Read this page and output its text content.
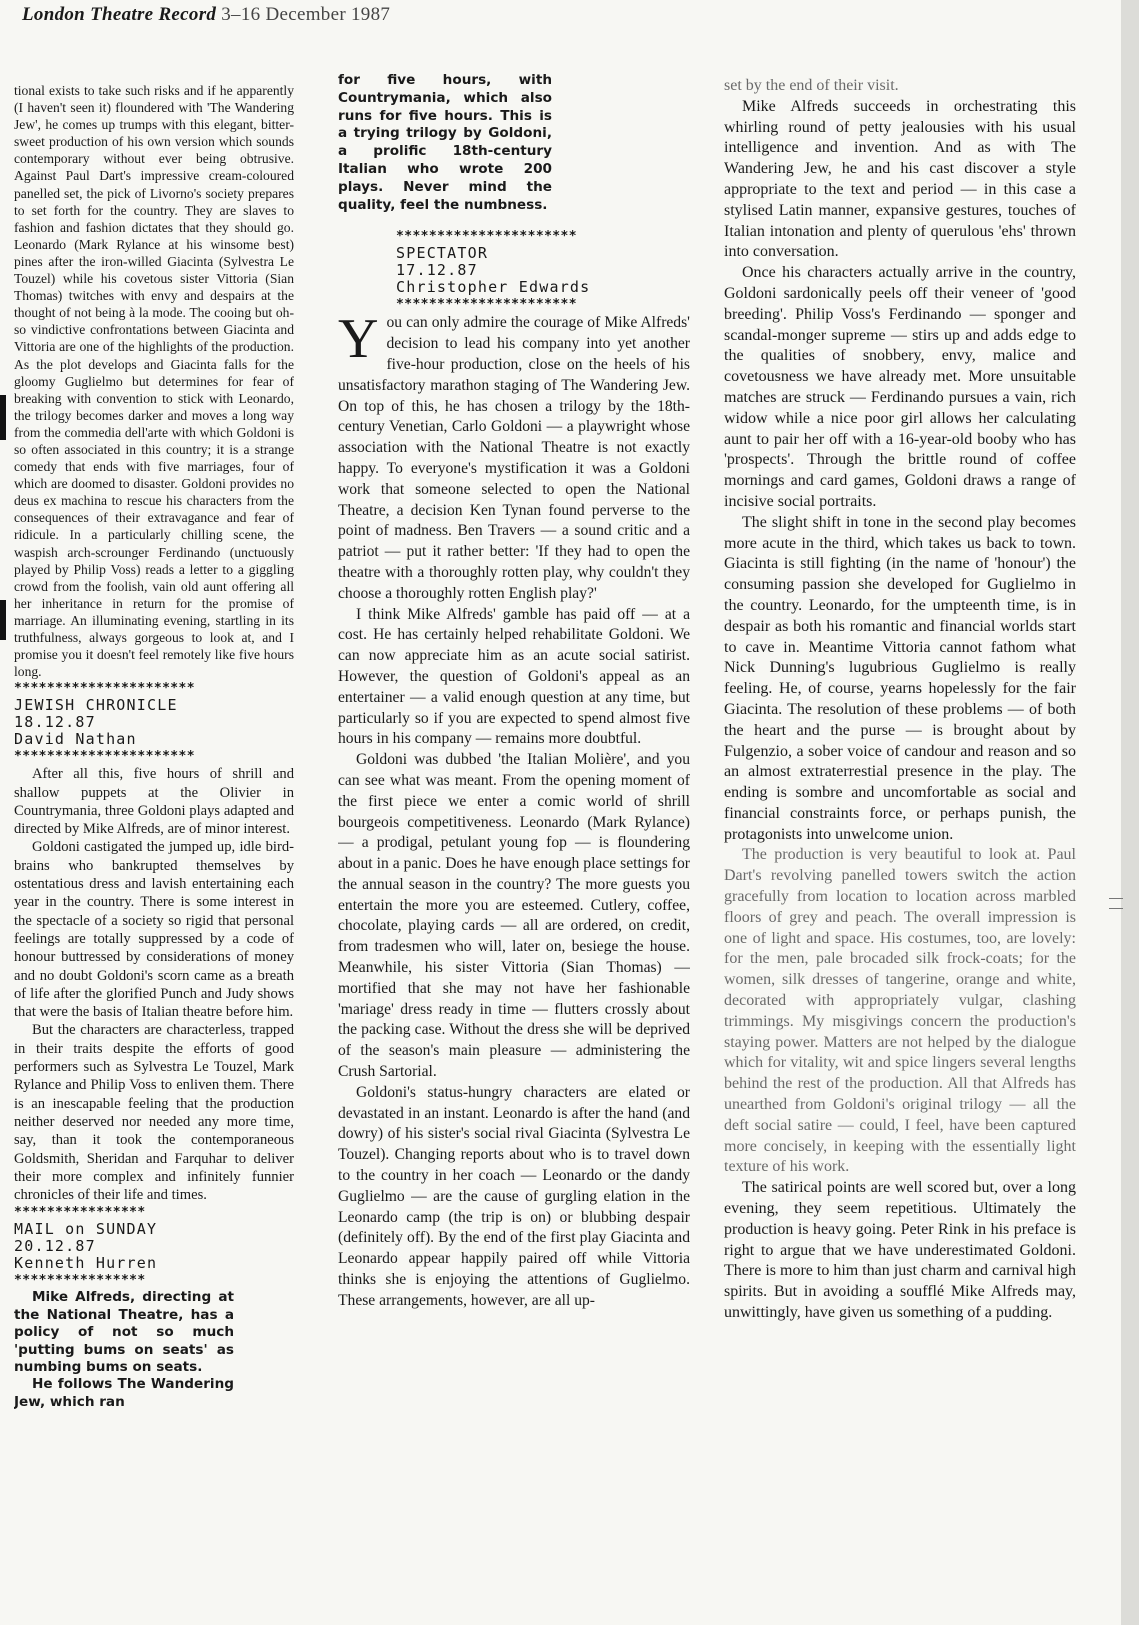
London Theatre Record 3–16 December 1987

tional exists to take such risks and if he apparently (I haven't seen it) floundered with 'The Wandering Jew', he comes up trumps with this elegant, bitter-sweet production of his own version which sounds contemporary without ever being obtrusive. Against Paul Dart's impressive cream-coloured panelled set, the pick of Livorno's society prepares to set forth for the country. They are slaves to fashion and fashion dictates that they should go. Leonardo (Mark Rylance at his winsome best) pines after the iron-willed Giacinta (Sylvestra Le Touzel) while his covetous sister Vittoria (Sian Thomas) twitches with envy and despairs at the thought of not being à la mode. The cooing but oh-so vindictive confrontations between Giacinta and Vittoria are one of the highlights of the production. As the plot develops and Giacinta falls for the gloomy Guglielmo but determines for fear of breaking with convention to stick with Leonardo, the trilogy becomes darker and moves a long way from the commedia dell'arte with which Goldoni is so often associated in this country; it is a strange comedy that ends with five marriages, four of which are doomed to disaster. Goldoni provides no deus ex machina to rescue his characters from the consequences of their extravagance and fear of ridicule. In a particularly chilling scene, the waspish arch-scrounger Ferdinando (unctuously played by Philip Voss) reads a letter to a giggling crowd from the foolish, vain old aunt offering all her inheritance in return for the promise of marriage. An illuminating evening, startling in its truthfulness, always gorgeous to look at, and I promise you it doesn't feel remotely like five hours long.

**********************
JEWISH CHRONICLE
18.12.87
David Nathan
**********************

After all this, five hours of shrill and shallow puppets at the Olivier in Countrymania, three Goldoni plays adapted and directed by Mike Alfreds, are of minor interest.

Goldoni castigated the jumped up, idle bird-brains who bankrupted themselves by ostentatious dress and lavish entertaining each year in the country. There is some interest in the spectacle of a society so rigid that personal feelings are totally suppressed by a code of honour buttressed by considerations of money and no doubt Goldoni's scorn came as a breath of life after the glorified Punch and Judy shows that were the basis of Italian theatre before him.

But the characters are characterless, trapped in their traits despite the efforts of good performers such as Sylvestra Le Touzel, Mark Rylance and Philip Voss to enliven them. There is an inescapable feeling that the production neither deserved nor needed any more time, say, than it took the contemporaneous Goldsmith, Sheridan and Farquhar to deliver their more complex and infinitely funnier chronicles of their life and times.

****************
MAIL on SUNDAY
20.12.87
Kenneth Hurren
****************

Mike Alfreds, directing at the National Theatre, has a policy of not so much 'putting bums on seats' as numbing bums on seats.

He follows The Wandering Jew, which ran

for five hours, with Countrymania, which also runs for five hours. This is a trying trilogy by Goldoni, a prolific 18th-century Italian who wrote 200 plays. Never mind the quality, feel the numbness.

**********************
SPECTATOR
17.12.87
Christopher Edwards
**********************
You can only admire the courage of Mike Alfreds' decision to lead his company into yet another five-hour production, close on the heels of his unsatisfactory marathon staging of The Wandering Jew. On top of this, he has chosen a trilogy by the 18th-century Venetian, Carlo Goldoni — a playwright whose association with the National Theatre is not exactly happy. To everyone's mystification it was a Goldoni work that someone selected to open the National Theatre, a decision Ken Tynan found perverse to the point of madness. Ben Travers — a sound critic and a patriot — put it rather better: 'If they had to open the theatre with a thoroughly rotten play, why couldn't they choose a thoroughly rotten English play?'

I think Mike Alfreds' gamble has paid off — at a cost. He has certainly helped rehabilitate Goldoni. We can now appreciate him as an acute social satirist. However, the question of Goldoni's appeal as an entertainer — a valid enough question at any time, but particularly so if you are expected to spend almost five hours in his company — remains more doubtful.

Goldoni was dubbed 'the Italian Molière', and you can see what was meant. From the opening moment of the first piece we enter a comic world of shrill bourgeois competitiveness. Leonardo (Mark Rylance) — a prodigal, petulant young fop — is floundering about in a panic. Does he have enough place settings for the annual season in the country? The more guests you entertain the more you are esteemed. Cutlery, coffee, chocolate, playing cards — all are ordered, on credit, from tradesmen who will, later on, besiege the house. Meanwhile, his sister Vittoria (Sian Thomas) — mortified that she may not have her fashionable 'mariage' dress ready in time — flutters crossly about the packing case. Without the dress she will be deprived of the season's main pleasure — administering the Crush Sartorial.

Goldoni's status-hungry characters are elated or devastated in an instant. Leonardo is after the hand (and dowry) of his sister's social rival Giacinta (Sylvestra Le Touzel). Changing reports about who is to travel down to the country in her coach — Leonardo or the dandy Guglielmo — are the cause of gurgling elation in the Leonardo camp (the trip is on) or blubbing despair (definitely off). By the end of the first play Giacinta and Leonardo appear happily paired off while Vittoria thinks she is enjoying the attentions of Guglielmo. These arrangements, however, are all up-

set by the end of their visit.

Mike Alfreds succeeds in orchestrating this whirling round of petty jealousies with his usual intelligence and invention. And as with The Wandering Jew, he and his cast discover a style appropriate to the text and period — in this case a stylised Latin manner, expansive gestures, touches of Italian intonation and plenty of querulous 'ehs' thrown into conversation.

Once his characters actually arrive in the country, Goldoni sardonically peels off their veneer of 'good breeding'. Philip Voss's Ferdinando — sponger and scandal-monger supreme — stirs up and adds edge to the qualities of snobbery, envy, malice and covetousness we have already met. More unsuitable matches are struck — Ferdinando pursues a vain, rich widow while a nice poor girl allows her calculating aunt to pair her off with a 16-year-old booby who has 'prospects'. Through the brittle round of coffee mornings and card games, Goldoni draws a range of incisive social portraits.

The slight shift in tone in the second play becomes more acute in the third, which takes us back to town. Giacinta is still fighting (in the name of 'honour') the consuming passion she developed for Guglielmo in the country. Leonardo, for the umpteenth time, is in despair as both his romantic and financial worlds start to cave in. Meantime Vittoria cannot fathom what Nick Dunning's lugubrious Guglielmo is really feeling. He, of course, yearns hopelessly for the fair Giacinta. The resolution of these problems — of both the heart and the purse — is brought about by Fulgenzio, a sober voice of candour and reason and so an almost extraterrestial presence in the play. The ending is sombre and uncomfortable as social and financial constraints force, or perhaps punish, the protagonists into unwelcome union.

The production is very beautiful to look at. Paul Dart's revolving panelled towers switch the action gracefully from location to location across marbled floors of grey and peach. The overall impression is one of light and space. His costumes, too, are lovely: for the men, pale brocaded silk frock-coats; for the women, silk dresses of tangerine, orange and white, decorated with appropriately vulgar, clashing trimmings. My misgivings concern the production's staying power. Matters are not helped by the dialogue which for vitality, wit and spice lingers several lengths behind the rest of the production. All that Alfreds has unearthed from Goldoni's original trilogy — all the deft social satire — could, I feel, have been captured more concisely, in keeping with the essentially light texture of his work.

The satirical points are well scored but, over a long evening, they seem repetitious. Ultimately the production is heavy going. Peter Rink in his preface is right to argue that we have underestimated Goldoni. There is more to him than just charm and carnival high spirits. But in avoiding a soufflé Mike Alfreds may, unwittingly, have given us something of a pudding.
